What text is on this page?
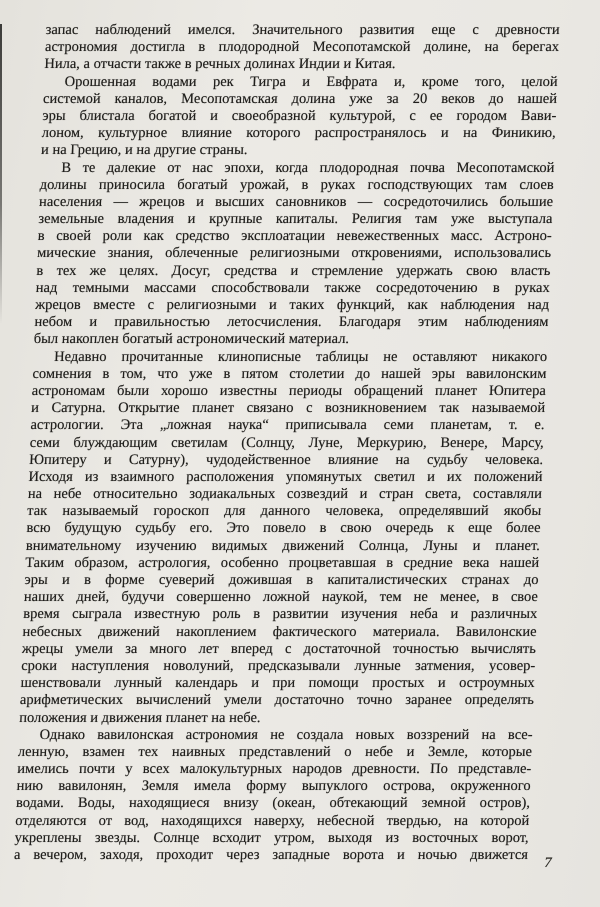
запас наблюдений имелся. Значительного развития еще с древности
астрономия достигла в плодородной Месопотамской долине, на берегах
Нила, а отчасти также в речных долинах Индии и Китая.
Орошенная водами рек Тигра и Евфрата и, кроме того, целой
системой каналов, Месопотамская долина уже за 20 веков до нашей
эры блистала богатой и своеобразной культурой, с ее городом Вави-
лоном, культурное влияние которого распространялось и на Финикию,
и на Грецию, и на другие страны.
В те далекие от нас эпохи, когда плодородная почва Месопотамской
долины приносила богатый урожай, в руках господствующих там слоев
населения — жрецов и высших сановников — сосредоточились большие
земельные владения и крупные капиталы. Религия там уже выступала
в своей роли как средство эксплоатации невежественных масс. Астроно-
мические знания, облеченные религиозными откровениями, использовались
в тех же целях. Досуг, средства и стремление удержать свою власть
над темными массами способствовали также сосредоточению в руках
жрецов вместе с религиозными и таких функций, как наблюдения над
небом и правильностью летосчисления. Благодаря этим наблюдениям
был накоплен богатый астрономический материал.
Недавно прочитанные клинописные таблицы не оставляют никакого
сомнения в том, что уже в пятом столетии до нашей эры вавилонским
астрономам были хорошо известны периоды обращений планет Юпитера
и Сатурна. Открытие планет связано с возникновением так называемой
астрологии. Эта „ложная наука“ приписывала семи планетам, т. е.
семи блуждающим светилам (Солнцу, Луне, Меркурию, Венере, Марсу,
Юпитеру и Сатурну), чудодейственное влияние на судьбу человека.
Исходя из взаимного расположения упомянутых светил и их положений
на небе относительно зодиакальных созвездий и стран света, составляли
так называемый гороскоп для данного человека, определявший якобы
всю будущую судьбу его. Это повело в свою очередь к еще более
внимательному изучению видимых движений Солнца, Луны и планет.
Таким образом, астрология, особенно процветавшая в средние века нашей
эры и в форме суеверий дожившая в капиталистических странах до
наших дней, будучи совершенно ложной наукой, тем не менее, в свое
время сыграла известную роль в развитии изучения неба и различных
небесных движений накоплением фактического материала. Вавилонские
жрецы умели за много лет вперед с достаточной точностью вычислять
сроки наступления новолуний, предсказывали лунные затмения, усовер-
шенствовали лунный календарь и при помощи простых и остроумных
арифметических вычислений умели достаточно точно заранее определять
положения и движения планет на небе.
Однако вавилонская астрономия не создала новых воззрений на все-
ленную, взамен тех наивных представлений о небе и Земле, которые
имелись почти у всех малокультурных народов древности. По представле-
нию вавилонян, Земля имела форму выпуклого острова, окруженного
водами. Воды, находящиеся внизу (океан, обтекающий земной остров),
отделяются от вод, находящихся наверху, небесной твердью, на которой
укреплены звезды. Солнце всходит утром, выходя из восточных ворот,
а вечером, заходя, проходит через западные ворота и ночью движется	7
